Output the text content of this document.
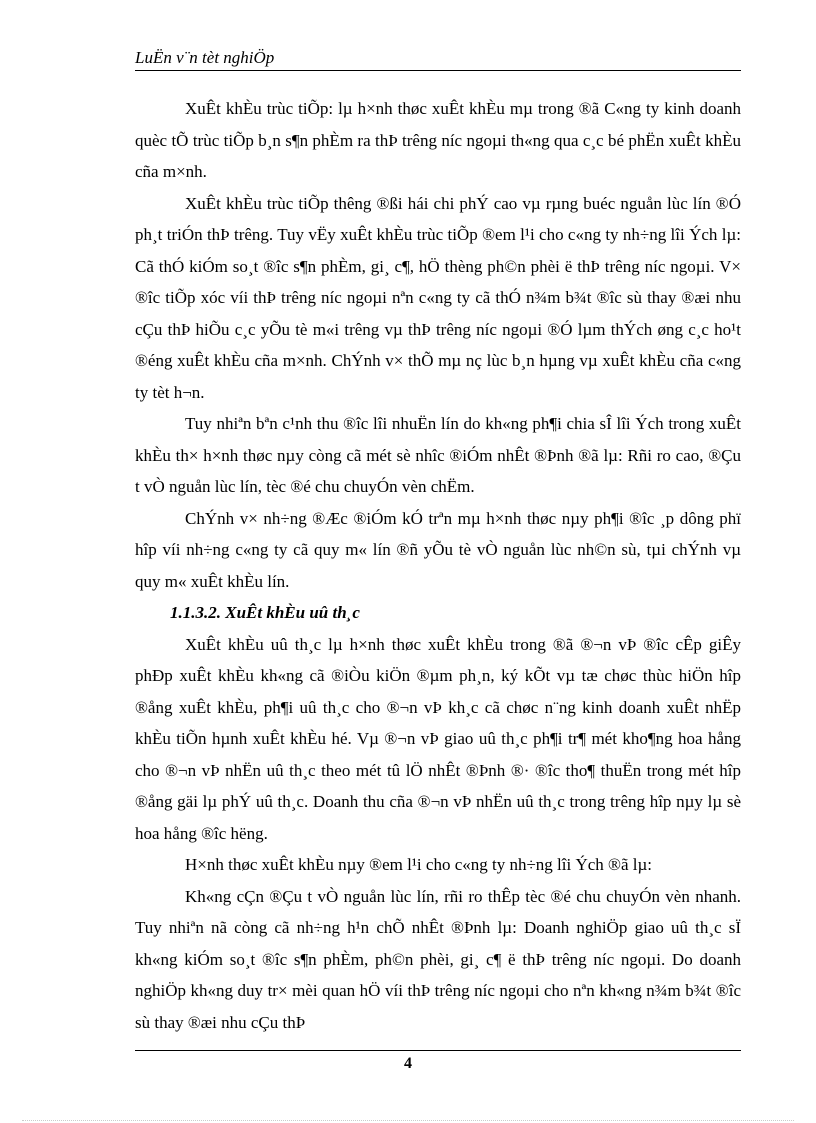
LuËn v¨n tèt nghiÖp

XuÊt khÈu trùc tiÕp: lµ h×nh thøc xuÊt khÈu mµ trong ®ã C«ng ty kinh doanh quèc tÕ trùc tiÕp b¸n s¶n phÈm ra thÞ trêng níc ngoµi th«ng qua c¸c bé phËn xuÊt khÈu cña m×nh.

XuÊt khÈu trùc tiÕp thêng ®ßi hái chi phÝ cao vµ rµng buéc nguån lùc lín ®Ó ph¸t triÓn thÞ trêng. Tuy vËy xuÊt khÈu trùc tiÕp ®em l¹i cho c«ng ty nh÷ng lîi Ých lµ: Cã thÓ kiÓm so¸t ®îc s¶n phÈm, gi¸ c¶, hÖ thèng ph©n phèi ë thÞ trêng níc ngoµi. V× ®îc tiÕp xóc víi thÞ trêng níc ngoµi nªn c«ng ty cã thÓ n¾m b¾t ®îc sù thay ®æi nhu cÇu thÞ hiÕu c¸c yÕu tè m«i trêng vµ thÞ trêng níc ngoµi ®Ó lµm thÝch øng c¸c ho¹t ®éng xuÊt khÈu cña m×nh. ChÝnh v× thÕ mµ nç lùc b¸n hµng vµ xuÊt khÈu cña c«ng ty tèt h¬n.

Tuy nhiªn bªn c¹nh thu ®îc lîi nhuËn lín do kh«ng ph¶i chia sÎ lîi Ých trong xuÊt khÈu th× h×nh thøc nµy còng cã mét sè nhîc ®iÓm nhÊt ®Þnh ®ã lµ: Rñi ro cao, ®Çu t vÒ nguån lùc lín, tèc ®é chu chuyÓn vèn chËm.

ChÝnh v× nh÷ng ®Æc ®iÓm kÓ trªn mµ h×nh thøc nµy ph¶i ®îc ¸p dông phï hîp víi nh÷ng c«ng ty cã quy m« lín ®ñ yÕu tè vÒ nguån lùc nh©n sù, tµi chÝnh vµ quy m« xuÊt khÈu lín.

1.1.3.2. XuÊt khÈu uû th¸c

XuÊt khÈu uû th¸c lµ h×nh thøc xuÊt khÈu trong ®ã ®¬n vÞ ®îc cÊp giÊy phÐp xuÊt khÈu kh«ng cã ®iÒu kiÖn ®µm ph¸n, ký kÕt vµ tæ chøc thùc hiÖn hîp ®ång xuÊt khÈu, ph¶i uû th¸c cho ®¬n vÞ kh¸c cã chøc n¨ng kinh doanh xuÊt nhËp khÈu tiÕn hµnh xuÊt khÈu hé. Vµ ®¬n vÞ giao uû th¸c ph¶i tr¶ mét kho¶ng hoa hång cho ®¬n vÞ nhËn uû th¸c theo mét tû lÖ nhÊt ®Þnh ®· ®îc tho¶ thuËn trong mét hîp ®ång gäi lµ phÝ uû th¸c. Doanh thu cña ®¬n vÞ nhËn uû th¸c trong trêng hîp nµy lµ sè hoa hång ®îc hëng.

H×nh thøc xuÊt khÈu nµy ®em l¹i cho c«ng ty nh÷ng lîi Ých ®ã lµ:

Kh«ng cÇn ®Çu t vÒ nguån lùc lín, rñi ro thÊp tèc ®é chu chuyÓn vèn nhanh. Tuy nhiªn nã còng cã nh÷ng h¹n chÕ nhÊt ®Þnh lµ: Doanh nghiÖp giao uû th¸c sÏ kh«ng kiÓm so¸t ®îc s¶n phÈm, ph©n phèi, gi¸ c¶ ë thÞ trêng níc ngoµi. Do doanh nghiÖp kh«ng duy tr× mèi quan hÖ víi thÞ trêng níc ngoµi cho nªn kh«ng n¾m b¾t ®îc sù thay ®æi nhu cÇu thÞ

4
